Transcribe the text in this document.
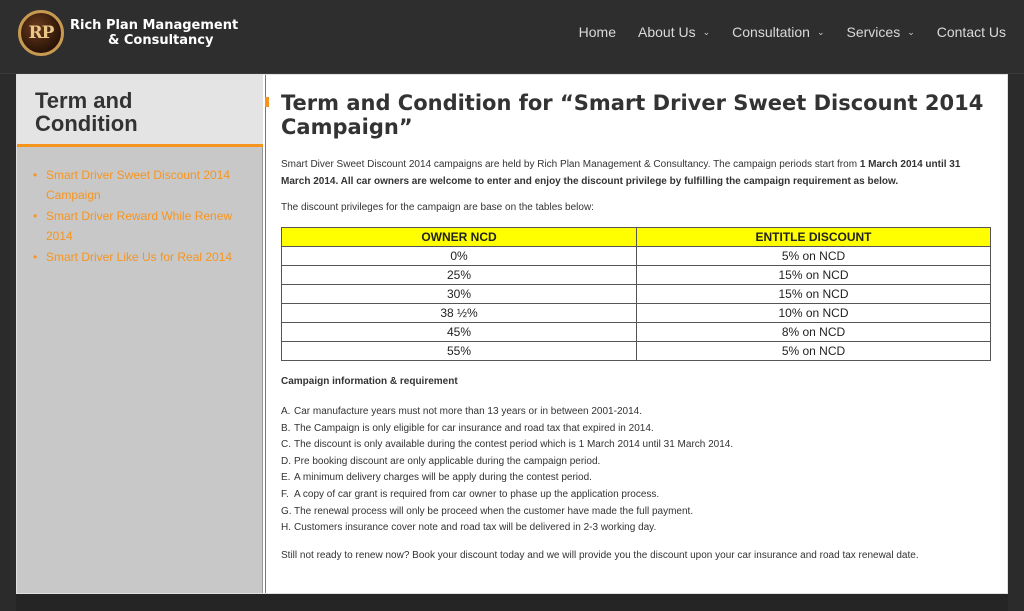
RP Rich Plan Management
& Consultancy
Home About Us ⌄ Consultation ⌄ Services ⌄ Contact Us
Term and
Condition
• Smart Driver Sweet Discount 2014 Campaign
• Smart Driver Reward While Renew 2014
• Smart Driver Like Us for Real 2014
Term and Condition for “Smart Driver Sweet Discount 2014 Campaign”

Smart Diver Sweet Discount 2014 campaigns are held by Rich Plan Management & Consultancy. The campaign periods start from 1 March 2014 until 31 March 2014. All car owners are welcome to enter and enjoy the discount privilege by fulfilling the campaign requirement as below.

The discount privileges for the campaign are base on the tables below:

OWNER NCD	ENTITLE DISCOUNT
0%	5% on NCD
25%	15% on NCD
30%	15% on NCD
38 ½%	10% on NCD
45%	8% on NCD
55%	5% on NCD

Campaign information & requirement

A. Car manufacture years must not more than 13 years or in between 2001-2014.
B. The Campaign is only eligible for car insurance and road tax that expired in 2014.
C. The discount is only available during the contest period which is 1 March 2014 until 31 March 2014.
D. Pre booking discount are only applicable during the campaign period.
E. A minimum delivery charges will be apply during the contest period.
F. A copy of car grant is required from car owner to phase up the application process.
G. The renewal process will only be proceed when the customer have made the full payment.
H. Customers insurance cover note and road tax will be delivered in 2-3 working day.

Still not ready to renew now? Book your discount today and we will provide you the discount upon your car insurance and road tax renewal date.
